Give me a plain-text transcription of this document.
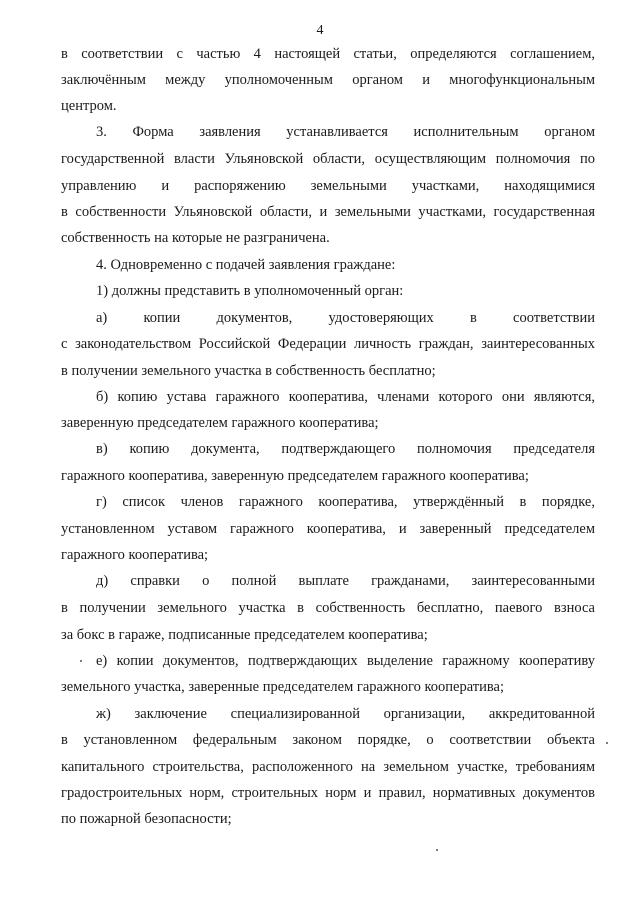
4
в соответствии с частью 4 настоящей статьи, определяются соглашением,
заключённым между уполномоченным органом и многофункциональным
центром.
3. Форма заявления устанавливается исполнительным органом
государственной власти Ульяновской области, осуществляющим полномочия по
управлению и распоряжению земельными участками, находящимися
в собственности Ульяновской области, и земельными участками, государственная
собственность на которые не разграничена.
4. Одновременно с подачей заявления граждане:
1) должны представить в уполномоченный орган:
а) копии документов, удостоверяющих в соответствии
с законодательством Российской Федерации личность граждан, заинтересованных
в получении земельного участка в собственность бесплатно;
б) копию устава гаражного кооператива, членами которого они являются,
заверенную председателем гаражного кооператива;
в) копию документа, подтверждающего полномочия председателя
гаражного кооператива, заверенную председателем гаражного кооператива;
г) список членов гаражного кооператива, утверждённый в порядке,
установленном уставом гаражного кооператива, и заверенный председателем
гаражного кооператива;
д) справки о полной выплате гражданами, заинтересованными
в получении земельного участка в собственность бесплатно, паевого взноса
за бокс в гараже, подписанные председателем кооператива;
е) копии документов, подтверждающих выделение гаражному кооперативу
земельного участка, заверенные председателем гаражного кооператива;
ж) заключение специализированной организации, аккредитованной
в установленном федеральным законом порядке, о соответствии объекта
капитального строительства, расположенного на земельном участке, требованиям
градостроительных норм, строительных норм и правил, нормативных документов
по пожарной безопасности;
